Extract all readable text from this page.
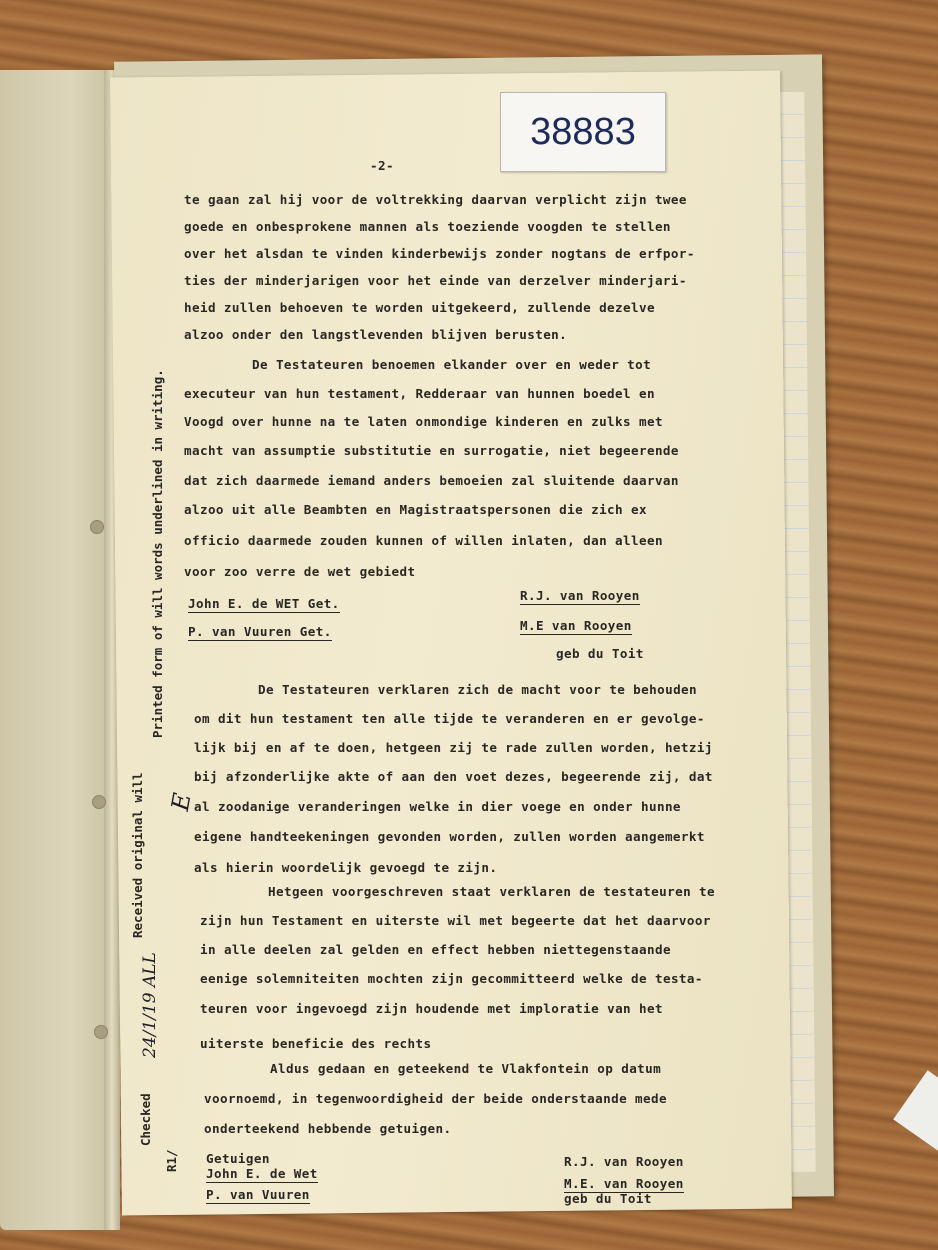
38883
-2-
te gaan zal hij voor de voltrekking daarvan verplicht zijn twee
goede en onbesprokene mannen als toeziende voogden te stellen
over het alsdan te vinden kinderbewijs zonder nogtans de erfpor-
ties der minderjarigen voor het einde van derzelver minderjari-
heid zullen behoeven te worden uitgekeerd, zullende dezelve
alzoo onder den langstlevenden blijven berusten.
De Testateuren benoemen elkander over en weder tot
executeur van hun testament, Redderaar van hunnen boedel en
Voogd over hunne na te laten onmondige kinderen en zulks met
macht van assumptie substitutie en surrogatie, niet begeerende
dat zich daarmede iemand anders bemoeien zal sluitende daarvan
alzoo uit alle Beambten en Magistraatspersonen die zich ex
officio daarmede zouden kunnen of willen inlaten, dan alleen
voor zoo verre de wet gebiedt
John E. de WET Get.
P. van Vuuren Get.
R.J. van Rooyen
M.E van Rooyen
geb du Toit
De Testateuren verklaren zich de macht voor te behouden
om dit hun testament ten alle tijde te veranderen en er gevolge-
lijk bij en af te doen, hetgeen zij te rade zullen worden, hetzij
bij afzonderlijke akte of aan den voet dezes, begeerende zij, dat
al zoodanige veranderingen welke in dier voege en onder hunne
eigene handteekeningen gevonden worden, zullen worden aangemerkt
als hierin woordelijk gevoegd te zijn.
Hetgeen voorgeschreven staat verklaren de testateuren te
zijn hun Testament en uiterste wil met begeerte dat het daarvoor
in alle deelen zal gelden en effect hebben niettegenstaande
eenige solemniteiten mochten zijn gecommitteerd welke de testa-
teuren voor ingevoegd zijn houdende met imploratie van het
uiterste beneficie des rechts
Aldus gedaan en geteekend te Vlakfontein op datum
voornoemd, in tegenwoordigheid der beide onderstaande mede
onderteekend hebbende getuigen.
Getuigen
John E. de Wet
P. van Vuuren
R.J. van Rooyen
M.E. van Rooyen
geb du Toit
Printed form of will words underlined in writing.
Received original will
Checked
R1/
24/1/19 ALL
E
